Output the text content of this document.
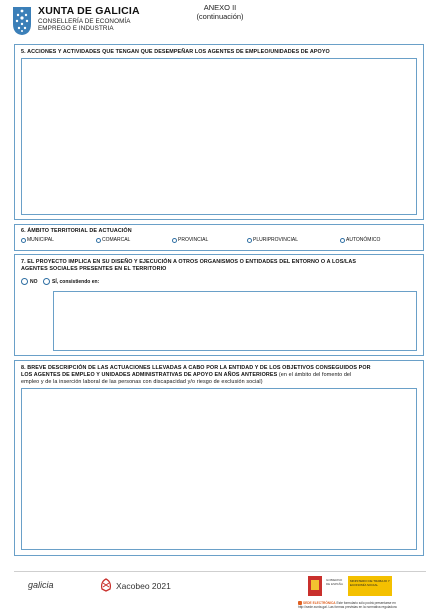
XUNTA DE GALICIA
CONSELLERÍA DE ECONOMÍA
EMPREGO E INDUSTRIA
ANEXO II
(continuación)
5. ACCIONES Y ACTIVIDADES QUE TENGAN QUE DESEMPEÑAR LOS AGENTES DE EMPLEO/UNIDADES DE APOYO
6. ÁMBITO TERRITORIAL DE ACTUACIÓN
MUNICIPAL	COMARCAL	PROVINCIAL	PLURIPROVINCIAL	AUTONÓMICO
7. EL PROYECTO IMPLICA EN SU DISEÑO Y EJECUCIÓN A OTROS ORGANISMOS O ENTIDADES DEL ENTORNO O A LOS/LAS
AGENTES SOCIALES PRESENTES EN EL TERRITORIO
NO	SÍ, consistiendo en:
8. BREVE DESCRIPCIÓN DE LAS ACTUACIONES LLEVADAS A CABO POR LA ENTIDAD Y DE LOS OBJETIVOS CONSEGUIDOS POR
LOS AGENTES DE EMPLEO Y UNIDADES ADMINISTRATIVAS DE APOYO EN AÑOS ANTERIORES (en el ámbito del fomento del
empleo y de la inserción laboral de las personas con discapacidad y/o riesgo de exclusión social)
galicia	Xacobeo 2021
GOBIERNO DE ESPAÑA
MINISTERIO DE TRABAJO Y ECONOMÍA SOCIAL
SEDE ELECTRÓNICA Este formulario sólo podrá presentarse en
http://sede.xunta.gal. Las formas previstas en la normativa reguladora
